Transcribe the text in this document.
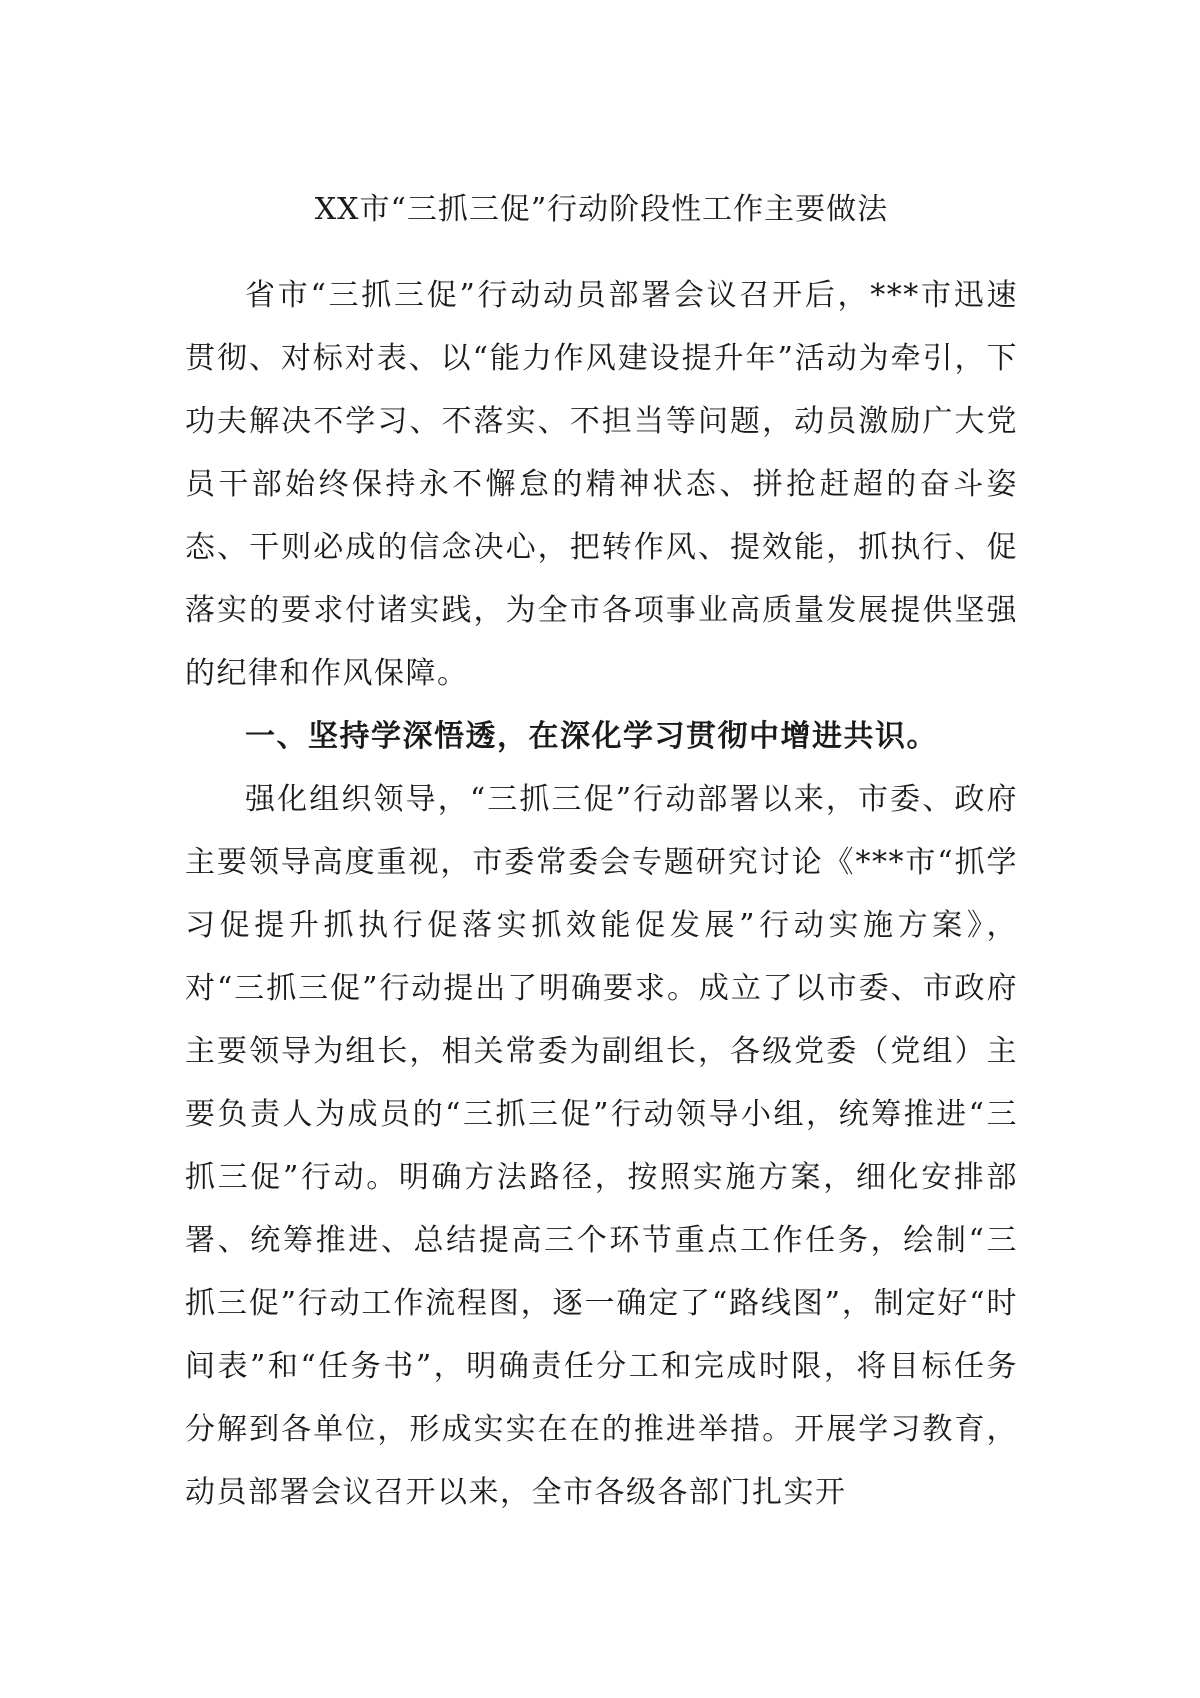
XX市“三抓三促”行动阶段性工作主要做法

省市“三抓三促”行动动员部署会议召开后，***市迅速贯彻、对标对表、以“能力作风建设提升年”活动为牵引，下功夫解决不学习、不落实、不担当等问题，动员激励广大党员干部始终保持永不懈怠的精神状态、拼抢赶超的奋斗姿态、干则必成的信念决心，把转作风、提效能，抓执行、促落实的要求付诸实践，为全市各项事业高质量发展提供坚强的纪律和作风保障。

一、坚持学深悟透，在深化学习贯彻中增进共识。

强化组织领导，“三抓三促”行动部署以来，市委、政府主要领导高度重视，市委常委会专题研究讨论《***市“抓学习促提升抓执行促落实抓效能促发展”行动实施方案》，对“三抓三促”行动提出了明确要求。成立了以市委、市政府主要领导为组长，相关常委为副组长，各级党委（党组）主要负责人为成员的“三抓三促”行动领导小组，统筹推进“三抓三促”行动。明确方法路径，按照实施方案，细化安排部署、统筹推进、总结提高三个环节重点工作任务，绘制“三抓三促”行动工作流程图，逐一确定了“路线图”，制定好“时间表”和“任务书”，明确责任分工和完成时限，将目标任务分解到各单位，形成实实在在的推进举措。开展学习教育，动员部署会议召开以来，全市各级各部门扎实开
